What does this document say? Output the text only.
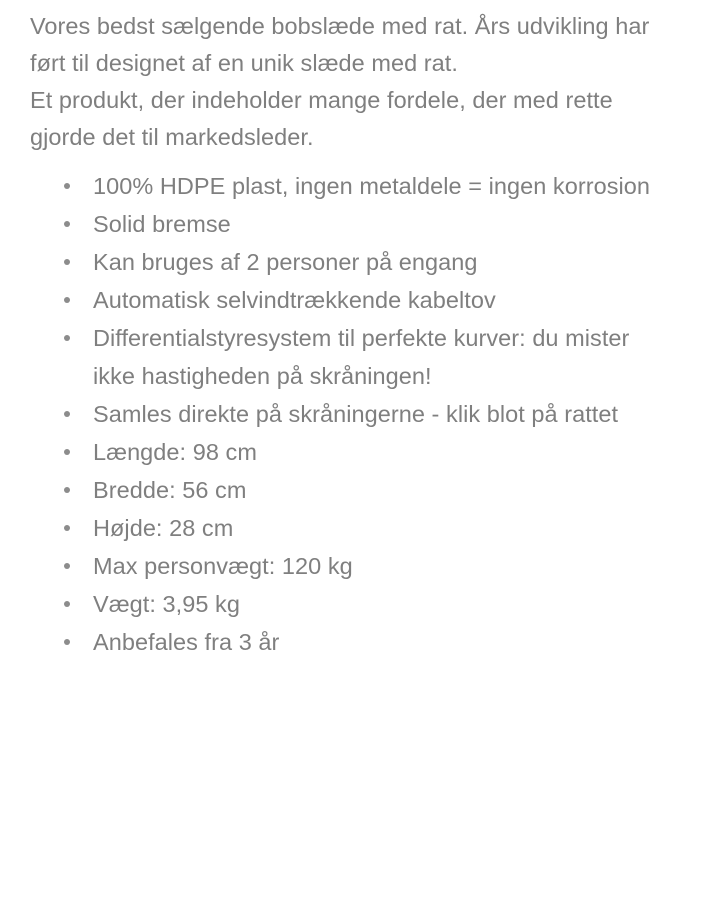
Vores bedst sælgende bobslæde med rat. Års udvikling har ført til designet af en unik slæde med rat.

Et produkt, der indeholder mange fordele, der med rette gjorde det til markedsleder.

100% HDPE plast, ingen metaldele = ingen korrosion
Solid bremse
Kan bruges af 2 personer på engang
Automatisk selvindtrækkende kabeltov
Differentialstyresystem til perfekte kurver: du mister ikke hastigheden på skråningen!
Samles direkte på skråningerne - klik blot på rattet
Længde: 98 cm
Bredde: 56 cm
Højde: 28 cm
Max personvægt: 120 kg
Vægt: 3,95 kg
Anbefales fra 3 år
